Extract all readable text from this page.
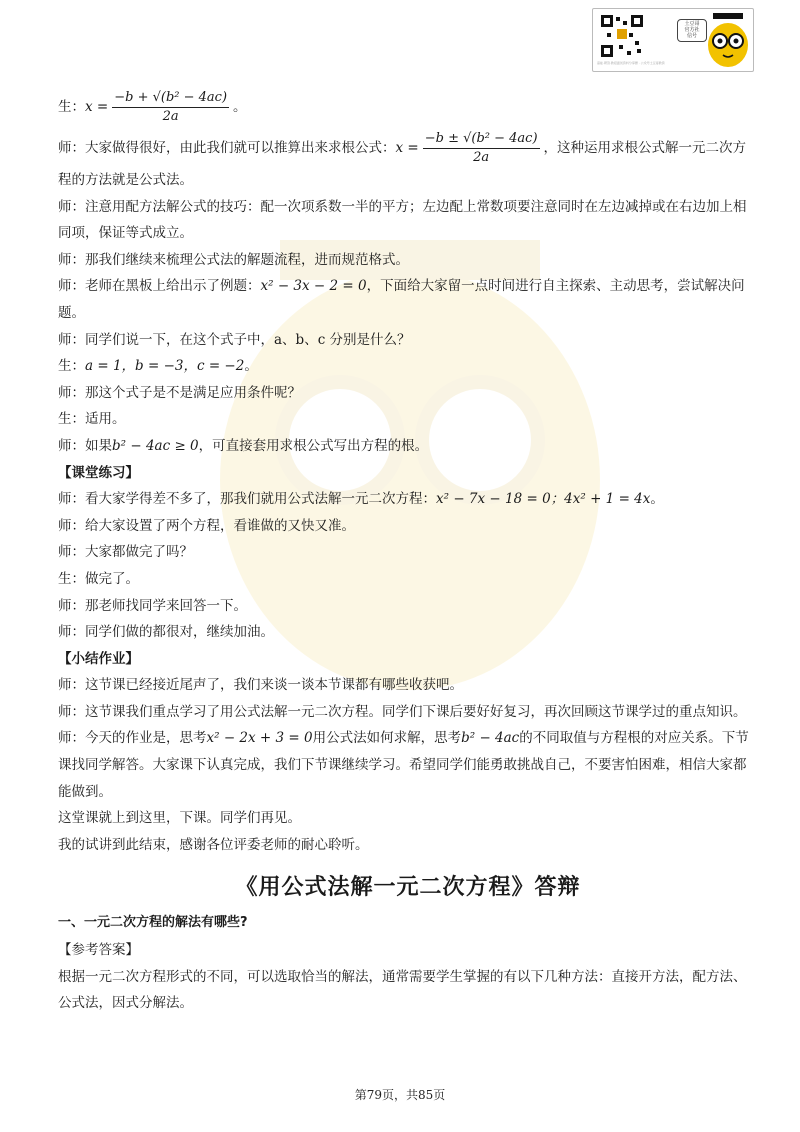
高能·研答·教招面试资料分享群 · 公众号土豆哥教资
土豆哥
官方社
信号

生：$x = \frac{\text{−b + √(b² − 4ac)}}{2a}$ 。

师：大家做得很好，由此我们就可以推算出来求根公式：$x = \frac{\text{−b ± √(b² − 4ac)}}{2a}$ ，这种运用求根公式解一元二次方程的方法就是公式法。

师：注意用配方法解公式的技巧：配一次项系数一半的平方；左边配上常数项要注意同时在左边减掉或在右边加上相同项，保证等式成立。

师：那我们继续来梳理公式法的解题流程，进而规范格式。

师：老师在黑板上给出示了例题：x² − 3x − 2 = 0，下面给大家留一点时间进行自主探索、主动思考，尝试解决问题。

师：同学们说一下，在这个式子中，a、b、c 分别是什么？

生：a = 1，b = −3，c = −2。

师：那这个式子是不是满足应用条件呢？

生：适用。

师：如果b² − 4ac ≥ 0，可直接套用求根公式写出方程的根。

【课堂练习】

师：看大家学得差不多了，那我们就用公式法解一元二次方程：x² − 7x − 18 = 0；4x² + 1 = 4x。

师：给大家设置了两个方程，看谁做的又快又准。

师：大家都做完了吗？

生：做完了。

师：那老师找同学来回答一下。

师：同学们做的都很对，继续加油。

【小结作业】

师：这节课已经接近尾声了，我们来谈一谈本节课都有哪些收获吧。

师：这节课我们重点学习了用公式法解一元二次方程。同学们下课后要好好复习，再次回顾这节课学过的重点知识。

师：今天的作业是，思考x² − 2x + 3 = 0用公式法如何求解，思考b² − 4ac的不同取值与方程根的对应关系。下节课找同学解答。大家课下认真完成，我们下节课继续学习。希望同学们能勇敢挑战自己，不要害怕困难，相信大家都能做到。

这堂课就上到这里，下课。同学们再见。

我的试讲到此结束，感谢各位评委老师的耐心聆听。

《用公式法解一元二次方程》答辩

一、一元二次方程的解法有哪些?

【参考答案】

根据一元二次方程形式的不同，可以选取恰当的解法，通常需要学生掌握的有以下几种方法：直接开方法，配方法、公式法，因式分解法。

第79页，共85页
